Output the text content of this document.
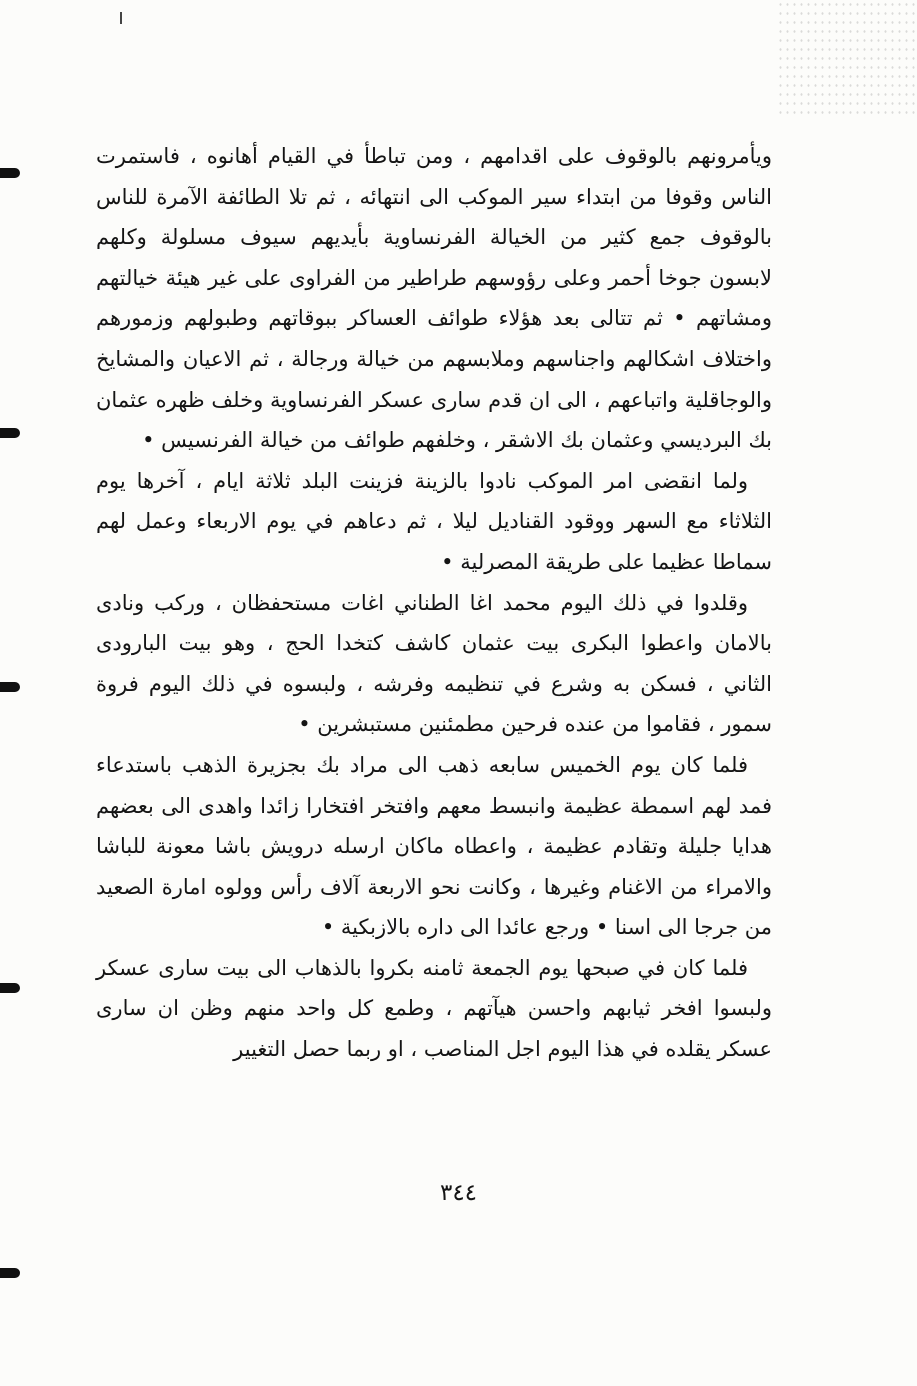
ويأمرونهم بالوقوف على اقدامهم ، ومن تباطأ في القيام أهانوه ، فاستمرت الناس وقوفا من ابتداء سير الموكب الى انتهائه ، ثم تلا الطائفة الآمرة للناس بالوقوف جمع كثير من الخيالة الفرنساوية بأيديهم سيوف مسلولة وكلهم لابسون جوخا أحمر وعلى رؤوسهم طراطير من الفراوى على غير هيئة خيالتهم ومشاتهم • ثم تتالى بعد هؤلاء طوائف العساكر ببوقاتهم وطبولهم وزمورهم واختلاف اشكالهم واجناسهم وملابسهم من خيالة ورجالة ، ثم الاعيان والمشايخ والوجاقلية واتباعهم ، الى ان قدم سارى عسكر الفرنساوية وخلف ظهره عثمان بك البرديسي وعثمان بك الاشقر ، وخلفهم طوائف من خيالة الفرنسيس •

ولما انقضى امر الموكب نادوا بالزينة فزينت البلد ثلاثة ايام ، آخرها يوم الثلاثاء مع السهر ووقود القناديل ليلا ، ثم دعاهم في يوم الاربعاء وعمل لهم سماطا عظيما على طريقة المصرلية •

وقلدوا في ذلك اليوم محمد اغا الطناني اغات مستحفظان ، وركب ونادى بالامان واعطوا البكرى بيت عثمان كاشف كتخدا الحج ، وهو بيت البارودى الثاني ، فسكن به وشرع في تنظيمه وفرشه ، ولبسوه في ذلك اليوم فروة سمور ، فقاموا من عنده فرحين مطمئنين مستبشرين •

فلما كان يوم الخميس سابعه ذهب الى مراد بك بجزيرة الذهب باستدعاء فمد لهم اسمطة عظيمة وانبسط معهم وافتخر افتخارا زائدا واهدى الى بعضهم هدايا جليلة وتقادم عظيمة ، واعطاه ماكان ارسله درويش باشا معونة للباشا والامراء من الاغنام وغيرها ، وكانت نحو الاربعة آلاف رأس وولوه امارة الصعيد من جرجا الى اسنا • ورجع عائدا الى داره بالازبكية •

فلما كان في صبحها يوم الجمعة ثامنه بكروا بالذهاب الى بيت سارى عسكر ولبسوا افخر ثيابهم واحسن هيآتهم ، وطمع كل واحد منهم وظن ان سارى عسكر يقلده في هذا اليوم اجل المناصب ، او ربما حصل التغيير

٣٤٤
